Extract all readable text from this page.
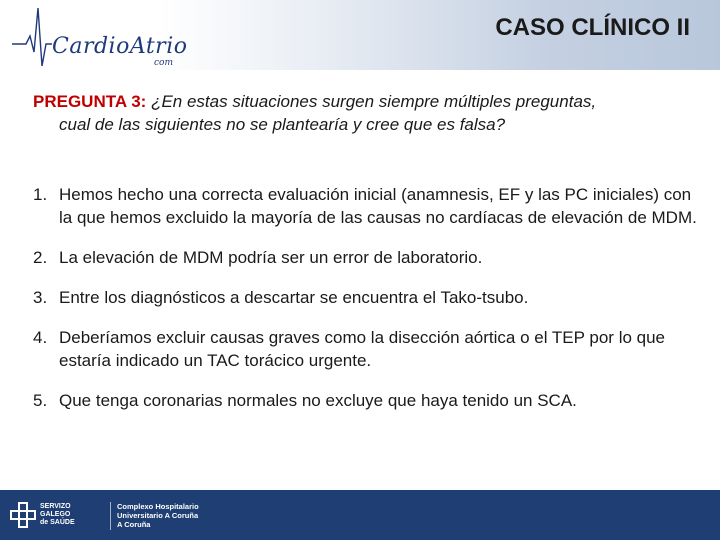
CardioAtrio
com
CASO CLÍNICO II
PREGUNTA 3: ¿En estas situaciones surgen siempre múltiples preguntas,
cual de las siguientes no se plantearía y cree que es falsa?
1. Hemos hecho una correcta evaluación inicial (anamnesis, EF y las PC iniciales) con la que hemos excluido la mayoría de las causas no cardíacas de elevación de MDM.
2. La elevación de MDM podría ser un error de laboratorio.
3. Entre los diagnósticos a descartar se encuentra el Tako-tsubo.
4. Deberíamos excluir causas graves como la disección aórtica o el TEP por lo que estaría indicado un TAC torácico urgente.
5. Que tenga coronarias normales no excluye que haya tenido un SCA.
SERVIZO
GALEGO
de SAÚDE
Complexo Hospitalario
Universitario A Coruña
A Coruña
